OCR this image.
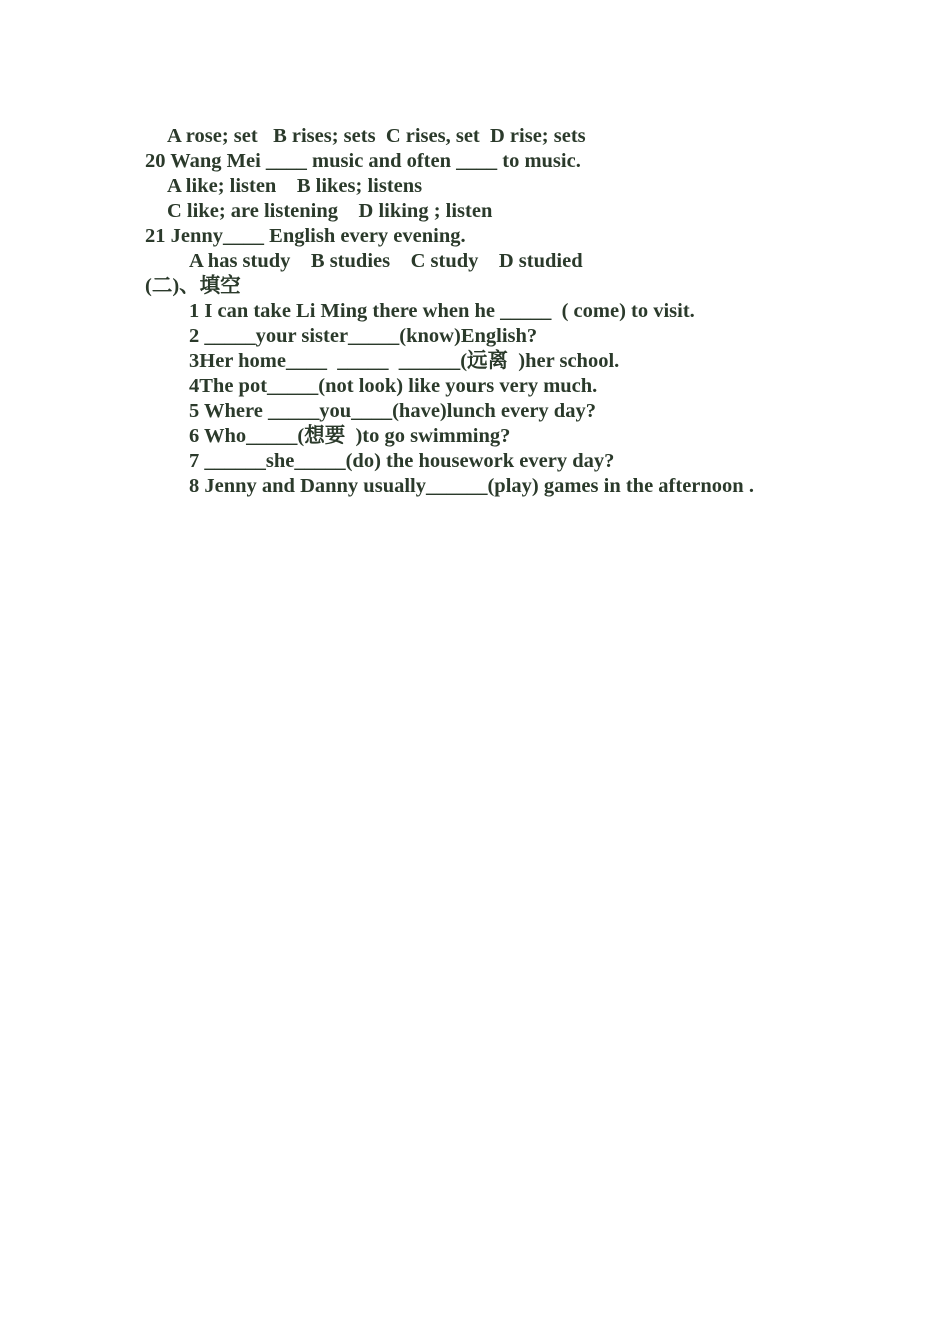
A rose; set   B rises; sets  C rises, set  D rise; sets
20 Wang Mei ____ music and often ____ to music.
A like; listen    B likes; listens
C like; are listening    D liking ; listen
21 Jenny____ English every evening.
A has study    B studies    C study    D studied
(二)、填空
1 I can take Li Ming there when he _____  ( come) to visit.
2 _____your sister_____(know)English?
3Her home____  _____  ______(远离  )her school.
4The pot_____(not look) like yours very much.
5 Where _____you____(have)lunch every day?
6 Who_____(想要  )to go swimming?
7 ______she_____(do) the housework every day?
8 Jenny and Danny usually______(play) games in the afternoon .
